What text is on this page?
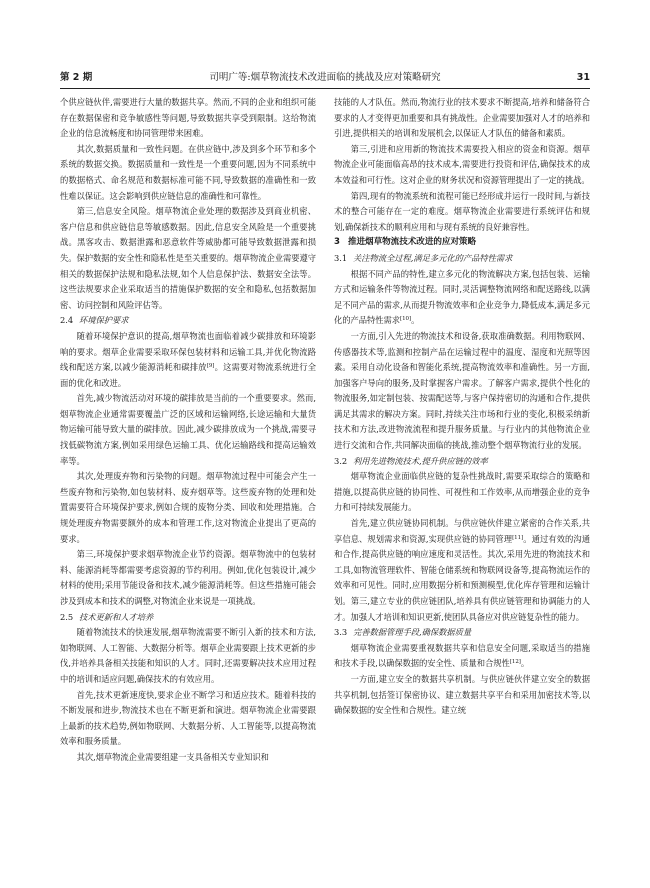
第 2 期	司明广等:烟草物流技术改进面临的挑战及应对策略研究	31

个供应链伙伴,需要进行大量的数据共享。然而,不同的企业和组织可能存在数据保密和竞争敏感性等问题,导致数据共享受到限制。这给物流企业的信息流畅度和协同管理带来困难。

其次,数据质量和一致性问题。在供应链中,涉及到多个环节和多个系统的数据交换。数据质量和一致性是一个重要问题,因为不同系统中的数据格式、命名规范和数据标准可能不同,导致数据的准确性和一致性难以保证。这会影响到供应链信息的准确性和可靠性。

第三,信息安全风险。烟草物流企业处理的数据涉及到商业机密、客户信息和供应链信息等敏感数据。因此,信息安全风险是一个重要挑战。黑客攻击、数据泄露和恶意软件等威胁都可能导致数据泄露和损失。保护数据的安全性和隐私性是至关重要的。烟草物流企业需要遵守相关的数据保护法规和隐私法规,如个人信息保护法、数据安全法等。这些法规要求企业采取适当的措施保护数据的安全和隐私,包括数据加密、访问控制和风险评估等。

2.4 环境保护要求

随着环境保护意识的提高,烟草物流也面临着减少碳排放和环境影响的要求。烟草企业需要采取环保包装材料和运输工具,并优化物流路线和配送方案,以减少能源消耗和碳排放[9]。这需要对物流系统进行全面的优化和改进。

首先,减少物流活动对环境的碳排放是当前的一个重要要求。然而,烟草物流企业通常需要覆盖广泛的区域和运输网络,长途运输和大量货物运输可能导致大量的碳排放。因此,减少碳排放成为一个挑战,需要寻找低碳物流方案,例如采用绿色运输工具、优化运输路线和提高运输效率等。

其次,处理废弃物和污染物的问题。烟草物流过程中可能会产生一些废弃物和污染物,如包装材料、废弃烟草等。这些废弃物的处理和处置需要符合环境保护要求,例如合规的废物分类、回收和处理措施。合规处理废弃物需要额外的成本和管理工作,这对物流企业提出了更高的要求。

第三,环境保护要求烟草物流企业节约资源。烟草物流中的包装材料、能源消耗等都需要考虑资源的节约利用。例如,优化包装设计,减少材料的使用;采用节能设备和技术,减少能源消耗等。但这些措施可能会涉及到成本和技术的调整,对物流企业来说是一项挑战。

2.5 技术更新和人才培养

随着物流技术的快速发展,烟草物流需要不断引入新的技术和方法,如物联网、人工智能、大数据分析等。烟草企业需要跟上技术更新的步伐,并培养具备相关技能和知识的人才。同时,还需要解决技术应用过程中的培训和适应问题,确保技术的有效应用。

首先,技术更新速度快,要求企业不断学习和适应技术。随着科技的不断发展和进步,物流技术也在不断更新和演进。烟草物流企业需要跟上最新的技术趋势,例如物联网、大数据分析、人工智能等,以提高物流效率和服务质量。

其次,烟草物流企业需要组建一支具备相关专业知识和

技能的人才队伍。然而,物流行业的技术要求不断提高,培养和储备符合要求的人才变得更加重要和具有挑战性。企业需要加强对人才的培养和引进,提供相关的培训和发展机会,以保证人才队伍的储备和素质。

第三,引进和应用新的物流技术需要投入相应的资金和资源。烟草物流企业可能面临高昂的技术成本,需要进行投资和评估,确保技术的成本效益和可行性。这对企业的财务状况和资源管理提出了一定的挑战。

第四,现有的物流系统和流程可能已经形成并运行一段时间,与新技术的整合可能存在一定的难度。烟草物流企业需要进行系统评估和规划,确保新技术的顺利应用和与现有系统的良好兼容性。

3 推进烟草物流技术改进的应对策略
3.1 关注物流全过程,满足多元化的产品特性需求

根据不同产品的特性,建立多元化的物流解决方案,包括包装、运输方式和运输条件等物流过程。同时,灵活调整物流网络和配送路线,以满足不同产品的需求,从而提升物流效率和企业竞争力,降低成本,满足多元化的产品特性需求[10]。

一方面,引入先进的物流技术和设备,获取准确数据。利用物联网、传感器技术等,监测和控制产品在运输过程中的温度、湿度和光照等因素。采用自动化设备和智能化系统,提高物流效率和准确性。另一方面,加强客户导向的服务,及时掌握客户需求。了解客户需求,提供个性化的物流服务,如定制包装、按需配送等,与客户保持密切的沟通和合作,提供满足其需求的解决方案。同时,持续关注市场和行业的变化,积极采纳新技术和方法,改进物流流程和提升服务质量。与行业内的其他物流企业进行交流和合作,共同解决面临的挑战,推动整个烟草物流行业的发展。

3.2 利用先进物流技术,提升供应链的效率

烟草物流企业面临供应链的复杂性挑战时,需要采取综合的策略和措施,以提高供应链的协同性、可视性和工作效率,从而增强企业的竞争力和可持续发展能力。

首先,建立供应链协同机制。与供应链伙伴建立紧密的合作关系,共享信息、规划需求和资源,实现供应链的协同管理[11]。通过有效的沟通和合作,提高供应链的响应速度和灵活性。其次,采用先进的物流技术和工具,如物流管理软件、智能仓储系统和物联网设备等,提高物流运作的效率和可见性。同时,应用数据分析和预测模型,优化库存管理和运输计划。第三,建立专业的供应链团队,培养具有供应链管理和协调能力的人才。加强人才培训和知识更新,使团队具备应对供应链复杂性的能力。

3.3 完善数据管理手段,确保数据质量

烟草物流企业需要重视数据共享和信息安全问题,采取适当的措施和技术手段,以确保数据的安全性、质量和合规性[12]。

一方面,建立安全的数据共享机制。与供应链伙伴建立安全的数据共享机制,包括签订保密协议、建立数据共享平台和采用加密技术等,以确保数据的安全性和合规性。建立统
